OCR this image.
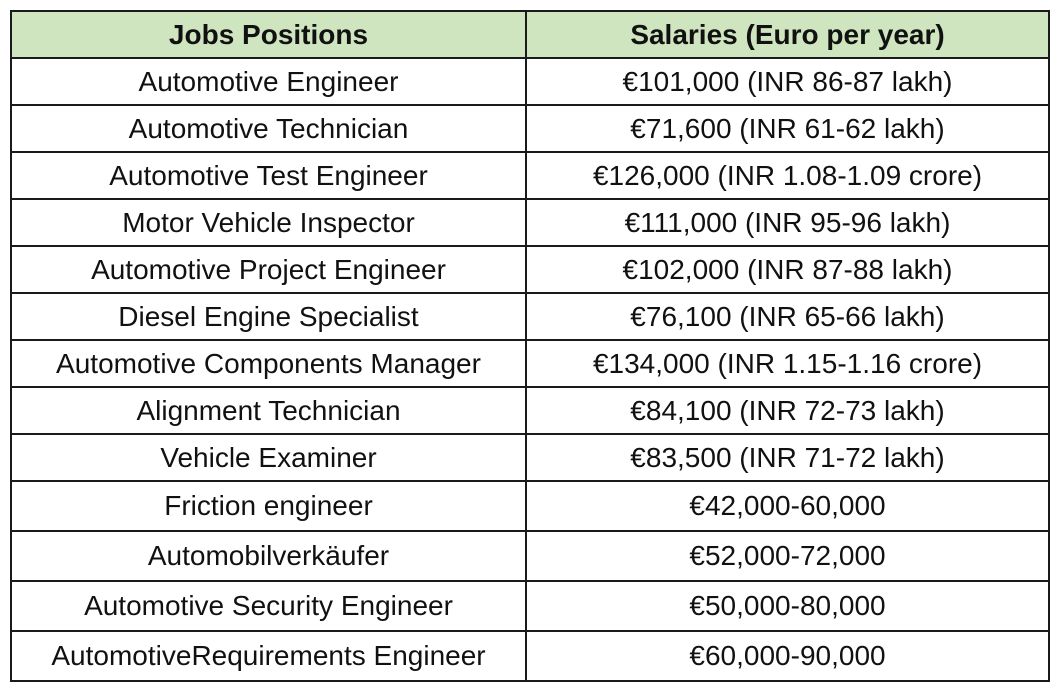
Jobs Positions	Salaries (Euro per year)
Automotive Engineer	€101,000 (INR 86-87 lakh)
Automotive Technician	€71,600 (INR 61-62 lakh)
Automotive Test Engineer	€126,000 (INR 1.08-1.09 crore)
Motor Vehicle Inspector	€111,000 (INR 95-96 lakh)
Automotive Project Engineer	€102,000 (INR 87-88 lakh)
Diesel Engine Specialist	€76,100 (INR 65-66 lakh)
Automotive Components Manager	€134,000 (INR 1.15-1.16 crore)
Alignment Technician	€84,100 (INR 72-73 lakh)
Vehicle Examiner	€83,500 (INR 71-72 lakh)
Friction engineer	€42,000-60,000
Automobilverkäufer	€52,000-72,000
Automotive Security Engineer	€50,000-80,000
AutomotiveRequirements Engineer	€60,000-90,000
